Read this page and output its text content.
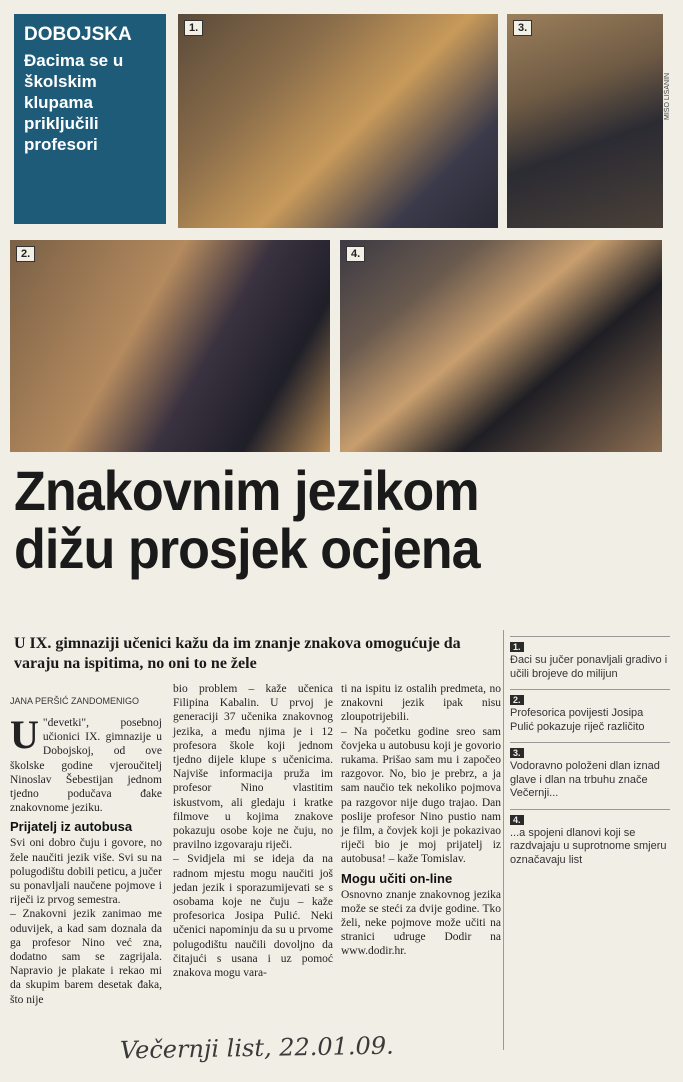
DOBOJSKA
Đacima se u školskim klupama priključili profesori
1.	3.
2.	4.
MIŠO LIŠANIN
Znakovnim jezikom
dižu prosjek ocjena
U IX. gimnaziji učenici kažu da im znanje znakova omogućuje da varaju na ispitima, no oni to ne žele
JANA PERŠIĆ ZANDOMENIGO

U "devetki", posebnoj učionici IX. gimnazije u Dobojskoj, od ove školske godine vjeroučitelj Ninoslav Šebestijan jednom tjedno podučava đake znakovnome jeziku.

Prijatelj iz autobusa

Svi oni dobro čuju i govore, no žele naučiti jezik više. Svi su na polugodištu dobili peticu, a jučer su ponavljali naučene pojmove i riječi iz prvog semestra.

– Znakovni jezik zanimao me oduvijek, a kad sam doznala da ga profesor Nino već zna, dodatno sam se zagrijala. Napravio je plakate i rekao mi da skupim barem desetak đaka, što nije

bio problem – kaže učenica Filipina Kabalin. U prvoj je generaciji 37 učenika znakovnog jezika, a među njima je i 12 profesora škole koji jednom tjedno dijele klupe s učenicima. Najviše informacija pruža im profesor Nino vlastitim iskustvom, ali gledaju i kratke filmove u kojima znakove pokazuju osobe koje ne čuju, no pravilno izgovaraju riječi.

– Svidjela mi se ideja da na radnom mjestu mogu naučiti još jedan jezik i sporazumijevati se s osobama koje ne čuju – kaže profesorica Josipa Pulić. Neki učenici napominju da su u prvome polugodištu naučili dovoljno da čitajući s usana i uz pomoć znakova mogu vara-

ti na ispitu iz ostalih predmeta, no znakovni jezik ipak nisu zloupotrijebili.

– Na početku godine sreo sam čovjeka u autobusu koji je govorio rukama. Prišao sam mu i započeo razgovor. No, bio je prebrz, a ja sam naučio tek nekoliko pojmova pa razgovor nije dugo trajao. Dan poslije profesor Nino pustio nam je film, a čovjek koji je pokazivao riječi bio je moj prijatelj iz autobusa! – kaže Tomislav.

Mogu učiti on-line

Osnovno znanje znakovnog jezika može se steći za dvije godine. Tko želi, neke pojmove može učiti na stranici udruge Dodir na www.dodir.hr.

1.
Đaci su jučer ponavljali gradivo i učili brojeve do milijun
2.
Profesorica povijesti Josipa Pulić pokazuje riječ različito
3.
Vodoravno položeni dlan iznad glave i dlan na trbuhu znače Večernji...
4.
...a spojeni dlanovi koji se razdvajaju u suprotnome smjeru označavaju list
Večernji list, 22.01.09.
